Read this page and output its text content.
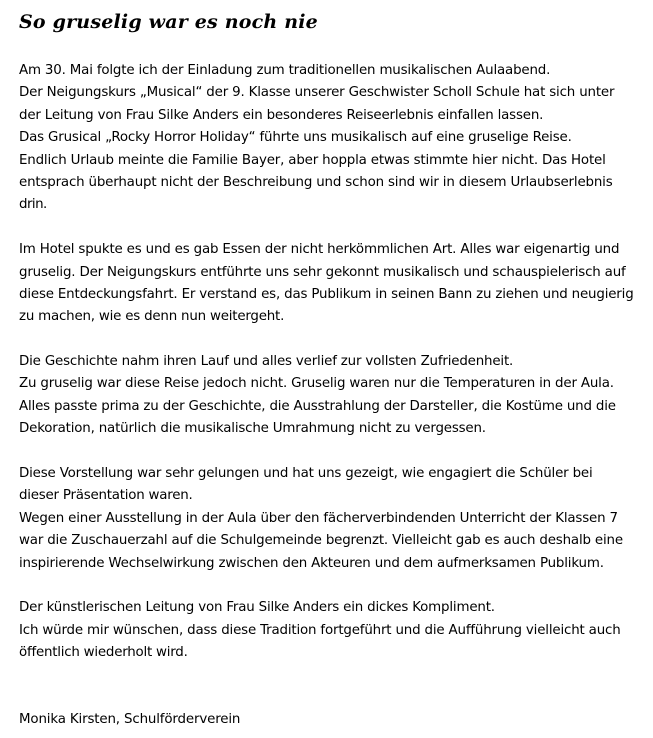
So gruselig war es noch nie
Am 30. Mai folgte ich der Einladung zum traditionellen musikalischen Aulaabend.
Der Neigungskurs „Musical“ der 9. Klasse unserer Geschwister Scholl Schule hat sich unter
der Leitung von Frau Silke Anders ein besonderes Reiseerlebnis einfallen lassen.
Das Grusical „Rocky Horror Holiday“ führte uns musikalisch auf eine gruselige Reise.
Endlich Urlaub meinte die Familie Bayer, aber hoppla etwas stimmte hier nicht. Das Hotel
entsprach überhaupt nicht der Beschreibung und schon sind wir in diesem Urlaubserlebnis
drin.
Im Hotel spukte es und es gab Essen der nicht herkömmlichen Art. Alles war eigenartig und
gruselig. Der Neigungskurs entführte uns sehr gekonnt musikalisch und schauspielerisch auf
diese Entdeckungsfahrt. Er verstand es, das Publikum in seinen Bann zu ziehen und neugierig
zu machen, wie es denn nun weitergeht.
Die Geschichte nahm ihren Lauf und alles verlief zur vollsten Zufriedenheit.
Zu gruselig war diese Reise jedoch nicht. Gruselig waren nur die Temperaturen in der Aula.
Alles passte prima zu der Geschichte, die Ausstrahlung der Darsteller, die Kostüme und die
Dekoration, natürlich die musikalische Umrahmung nicht zu vergessen.
Diese Vorstellung war sehr gelungen und hat uns gezeigt, wie engagiert die Schüler bei
dieser Präsentation waren.
Wegen einer Ausstellung in der Aula über den fächerverbindenden Unterricht der Klassen 7
war die Zuschauerzahl auf die Schulgemeinde begrenzt. Vielleicht gab es auch deshalb eine
inspirierende Wechselwirkung zwischen den Akteuren und dem aufmerksamen Publikum.
Der künstlerischen Leitung von Frau Silke Anders ein dickes Kompliment.
Ich würde mir wünschen, dass diese Tradition fortgeführt und die Aufführung vielleicht auch
öffentlich wiederholt wird.
Monika Kirsten, Schulförderverein
